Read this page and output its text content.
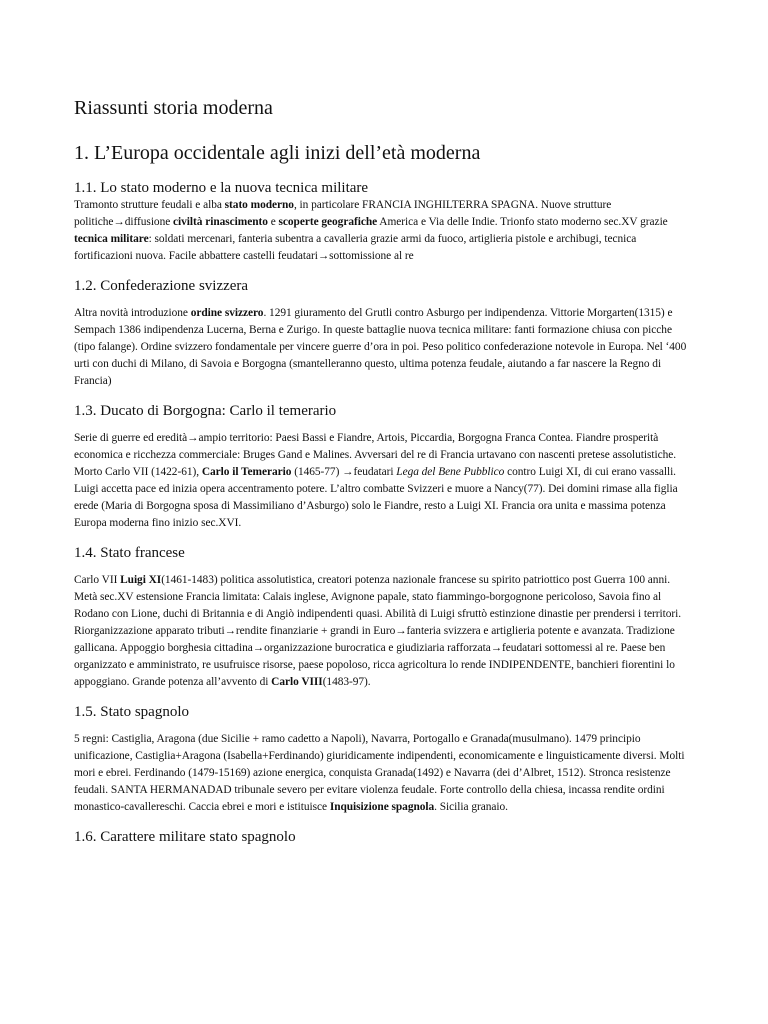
Riassunti storia moderna
1. L’Europa occidentale agli inizi dell’età moderna
1.1. Lo stato moderno e la nuova tecnica militare

Tramonto strutture feudali e alba stato moderno, in particolare FRANCIA INGHILTERRA SPAGNA. Nuove strutture politiche→diffusione civiltà rinascimento e scoperte geografiche America e Via delle Indie. Trionfo stato moderno sec.XV grazie tecnica militare: soldati mercenari, fanteria subentra a cavalleria grazie armi da fuoco, artiglieria pistole e archibugi, tecnica fortificazioni nuova. Facile abbattere castelli feudatari→sottomissione al re

1.2. Confederazione svizzera

Altra novità introduzione ordine svizzero. 1291 giuramento del Grutli contro Asburgo per indipendenza. Vittorie Morgarten(1315) e Sempach 1386 indipendenza Lucerna, Berna e Zurigo. In queste battaglie nuova tecnica militare: fanti formazione chiusa con picche (tipo falange). Ordine svizzero fondamentale per vincere guerre d’ora in poi. Peso politico confederazione notevole in Europa. Nel ‘400 urti con duchi di Milano, di Savoia e Borgogna (smantelleranno questo, ultima potenza feudale, aiutando a far nascere la Regno di Francia)

1.3. Ducato di Borgogna: Carlo il temerario

Serie di guerre ed eredità→ampio territorio: Paesi Bassi e Fiandre, Artois, Piccardia, Borgogna Franca Contea. Fiandre prosperità economica e ricchezza commerciale: Bruges Gand e Malines. Avversari del re di Francia urtavano con nascenti pretese assolutistiche. Morto Carlo VII (1422-61), Carlo il Temerario (1465-77) →feudatari Lega del Bene Pubblico contro Luigi XI, di cui erano vassalli. Luigi accetta pace ed inizia opera accentramento potere. L’altro combatte Svizzeri e muore a Nancy(77). Dei domini rimase alla figlia erede (Maria di Borgogna sposa di Massimiliano d’Asburgo) solo le Fiandre, resto a Luigi XI. Francia ora unita e massima potenza Europa moderna fino inizio sec.XVI.

1.4. Stato francese

Carlo VII Luigi XI(1461-1483) politica assolutistica, creatori potenza nazionale francese su spirito patriottico post Guerra 100 anni. Metà sec.XV estensione Francia limitata: Calais inglese, Avignone papale, stato fiammingo-borgognone pericoloso, Savoia fino al Rodano con Lione, duchi di Britannia e di Angiò indipendenti quasi. Abilità di Luigi sfruttò estinzione dinastie per prendersi i territori. Riorganizzazione apparato tributi→rendite finanziarie + grandi in Euro→fanteria svizzera e artiglieria potente e avanzata. Tradizione gallicana. Appoggio borghesia cittadina→organizzazione burocratica e giudiziaria rafforzata→feudatari sottomessi al re. Paese ben organizzato e amministrato, re usufruisce risorse, paese popoloso, ricca agricoltura lo rende INDIPENDENTE, banchieri fiorentini lo appoggiano. Grande potenza all’avvento di Carlo VIII(1483-97).

1.5. Stato spagnolo

5 regni: Castiglia, Aragona (due Sicilie + ramo cadetto a Napoli), Navarra, Portogallo e Granada(musulmano). 1479 principio unificazione, Castiglia+Aragona (Isabella+Ferdinando) giuridicamente indipendenti, economicamente e linguisticamente diversi. Molti mori e ebrei. Ferdinando (1479-15169) azione energica, conquista Granada(1492) e Navarra (dei d’Albret, 1512). Stronca resistenze feudali. SANTA HERMANADAD tribunale severo per evitare violenza feudale. Forte controllo della chiesa, incassa rendite ordini monastico-cavallereschi. Caccia ebrei e mori e istituisce Inquisizione spagnola. Sicilia granaio.

1.6. Carattere militare stato spagnolo
